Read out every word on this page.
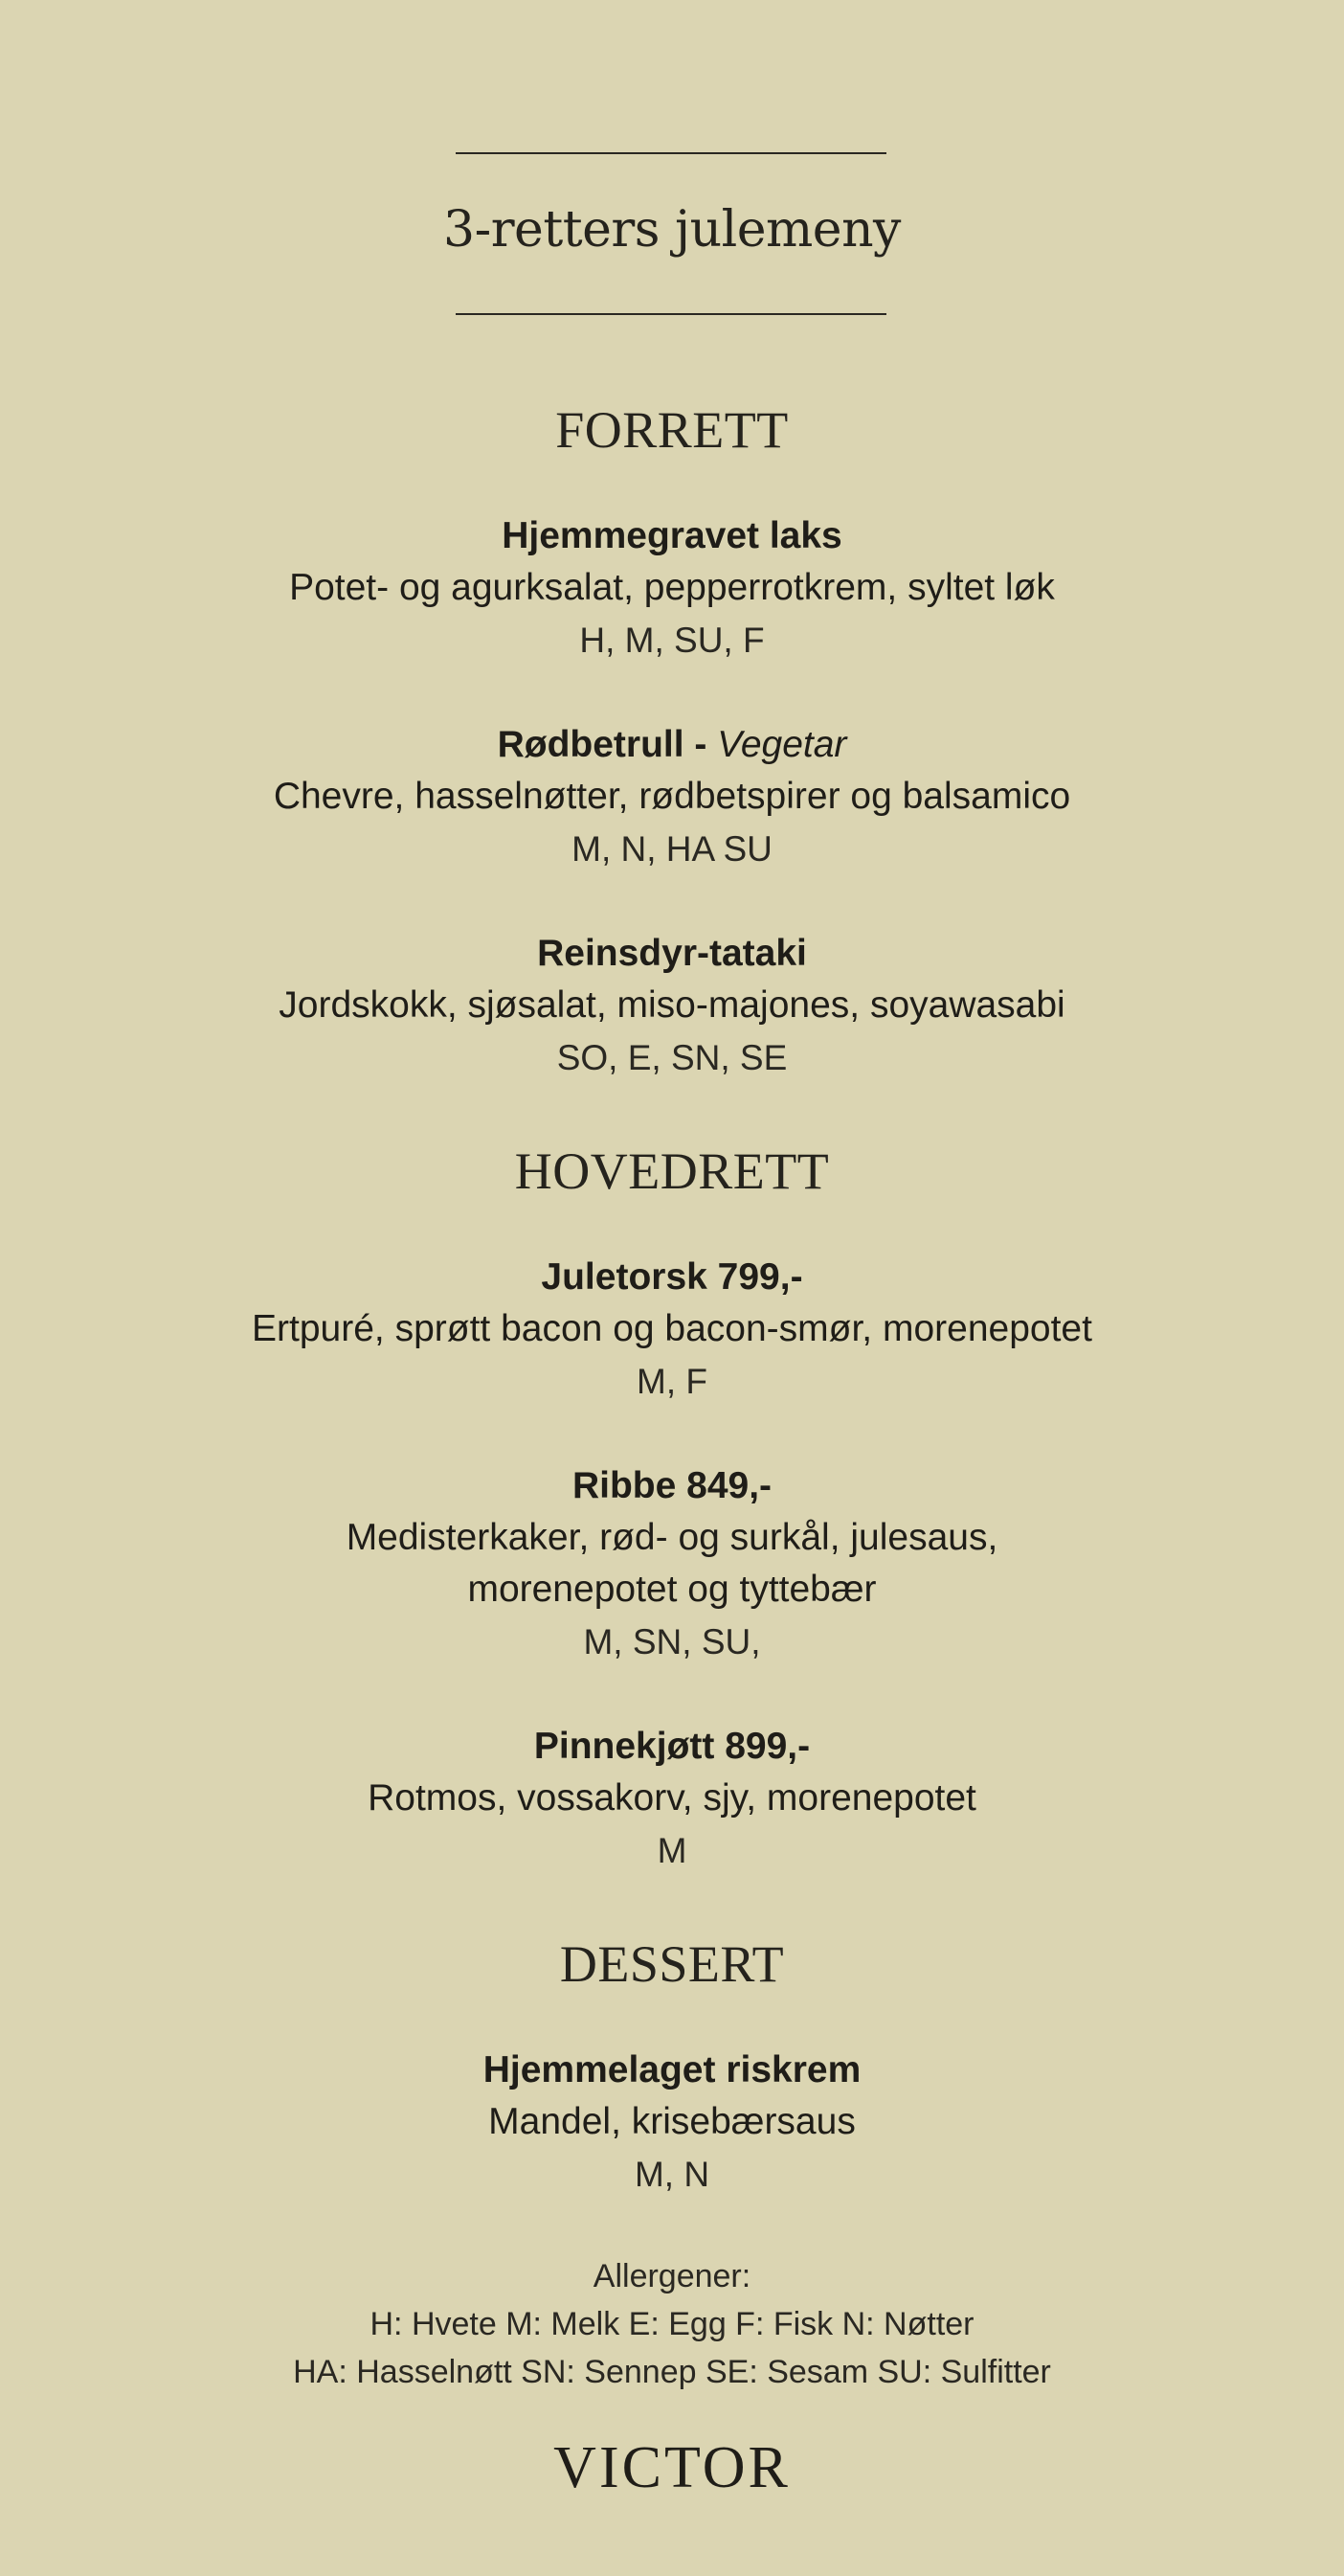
3-retters julemeny
FORRETT
Hjemmegravet laks
Potet- og agurksalat, pepperrotkrem, syltet løk
H, M, SU, F
Rødbetrull - Vegetar
Chevre, hasselnøtter, rødbetspirer og balsamico
M, N, HA SU
Reinsdyr-tataki
Jordskokk, sjøsalat, miso-majones, soyawasabi
SO, E, SN, SE
HOVEDRETT
Juletorsk 799,-
Ertpuré, sprøtt bacon og bacon-smør, morenepotet
M, F
Ribbe 849,-
Medisterkaker, rød- og surkål, julesaus,
morenepotet og tyttebær
M, SN, SU,
Pinnekjøtt 899,-
Rotmos, vossakorv, sjy, morenepotet
M
DESSERT
Hjemmelaget riskrem
Mandel, krisebærsaus
M, N
Allergener:
H: Hvete M: Melk E: Egg F: Fisk N: Nøtter
HA: Hasselnøtt SN: Sennep SE: Sesam SU: Sulfitter
VICTOR
